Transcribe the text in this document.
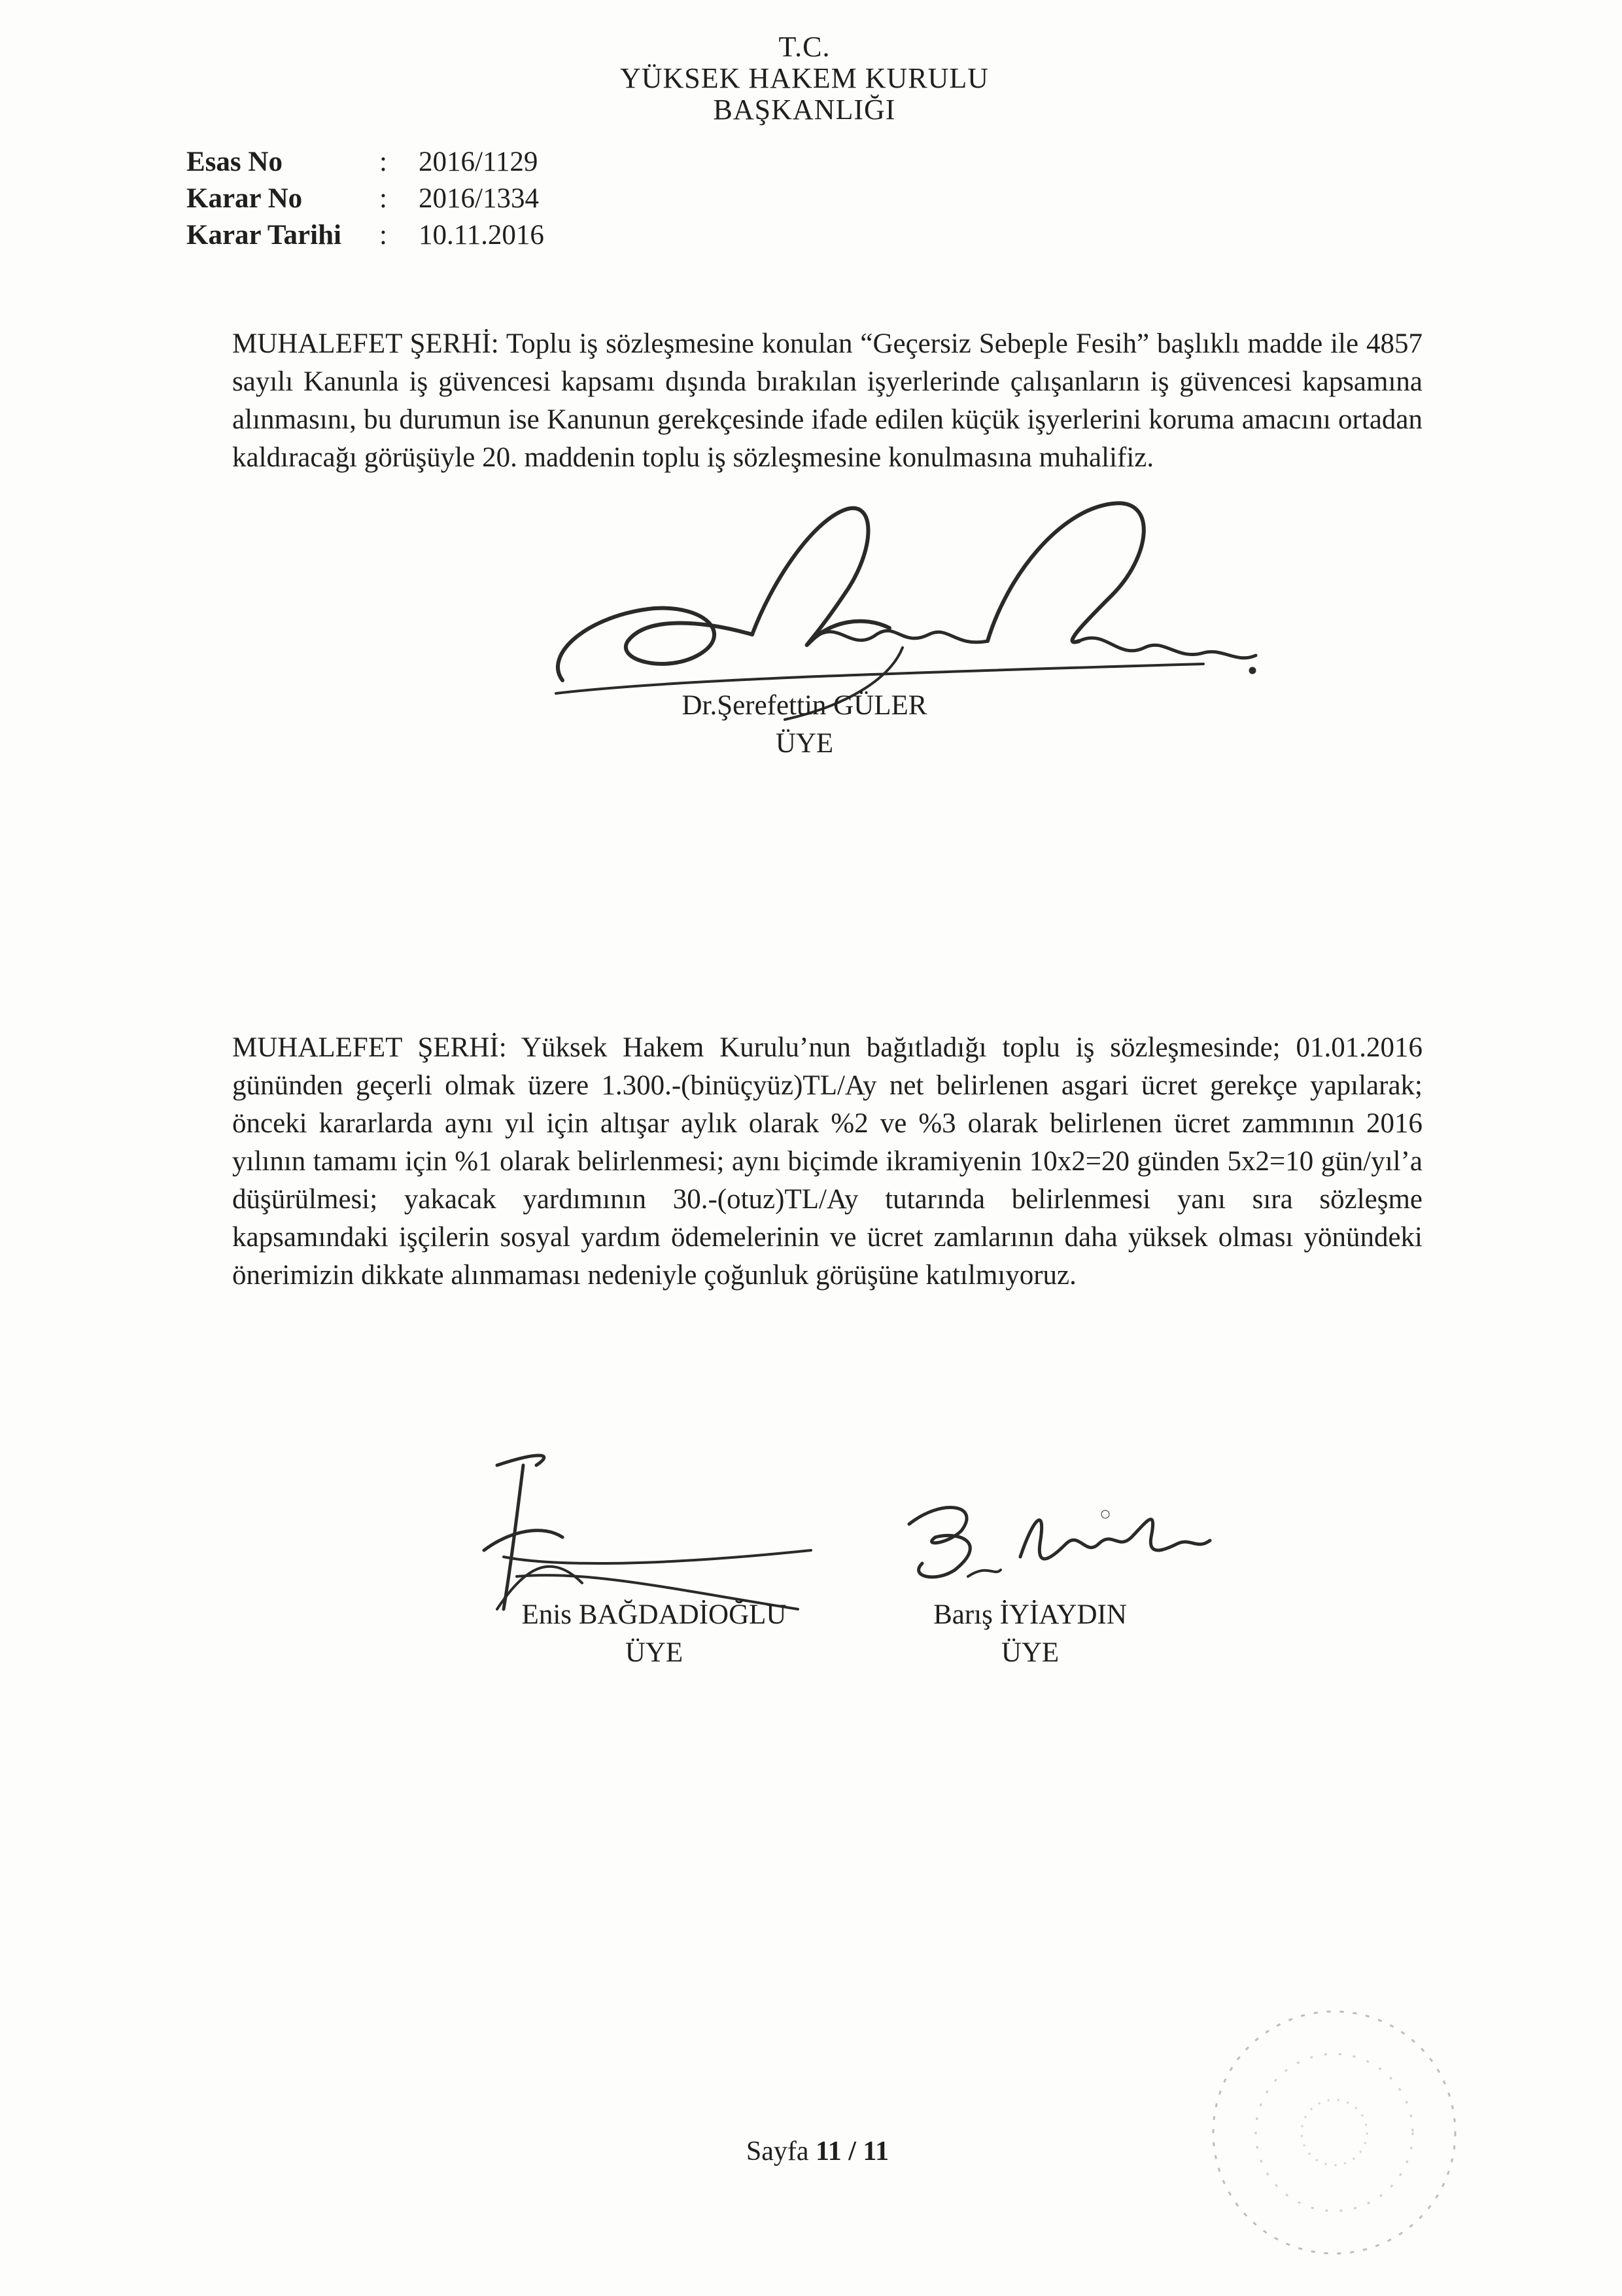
T.C.
YÜKSEK HAKEM KURULU
BAŞKANLIĞI
Esas No	:	2016/1129
Karar No	:	2016/1334
Karar Tarihi	:	10.11.2016
MUHALEFET ŞERHİ: Toplu iş sözleşmesine konulan “Geçersiz Sebeple Fesih” başlıklı madde ile 4857 sayılı Kanunla iş güvencesi kapsamı dışında bırakılan işyerlerinde çalışanların iş güvencesi kapsamına alınmasını, bu durumun ise Kanunun gerekçesinde ifade edilen küçük işyerlerini koruma amacını ortadan kaldıracağı görüşüyle 20. maddenin toplu iş sözleşmesine konulmasına muhalifiz.
Dr.Şerefettin GÜLER
ÜYE
MUHALEFET ŞERHİ: Yüksek Hakem Kurulu’nun bağıtladığı toplu iş sözleşmesinde; 01.01.2016 gününden geçerli olmak üzere 1.300.-(binüçyüz)TL/Ay net belirlenen asgari ücret gerekçe yapılarak; önceki kararlarda aynı yıl için altışar aylık olarak %2 ve %3 olarak belirlenen ücret zammının 2016 yılının tamamı için %1 olarak belirlenmesi; aynı biçimde ikramiyenin 10x2=20 günden 5x2=10 gün/yıl’a düşürülmesi; yakacak yardımının 30.-(otuz)TL/Ay tutarında belirlenmesi yanı sıra sözleşme kapsamındaki işçilerin sosyal yardım ödemelerinin ve ücret zamlarının daha yüksek olması yönündeki önerimizin dikkate alınmaması nedeniyle çoğunluk görüşüne katılmıyoruz.
Enis BAĞDADİOĞLU
ÜYE
Barış İYİAYDIN
ÜYE
Sayfa 11 / 11
